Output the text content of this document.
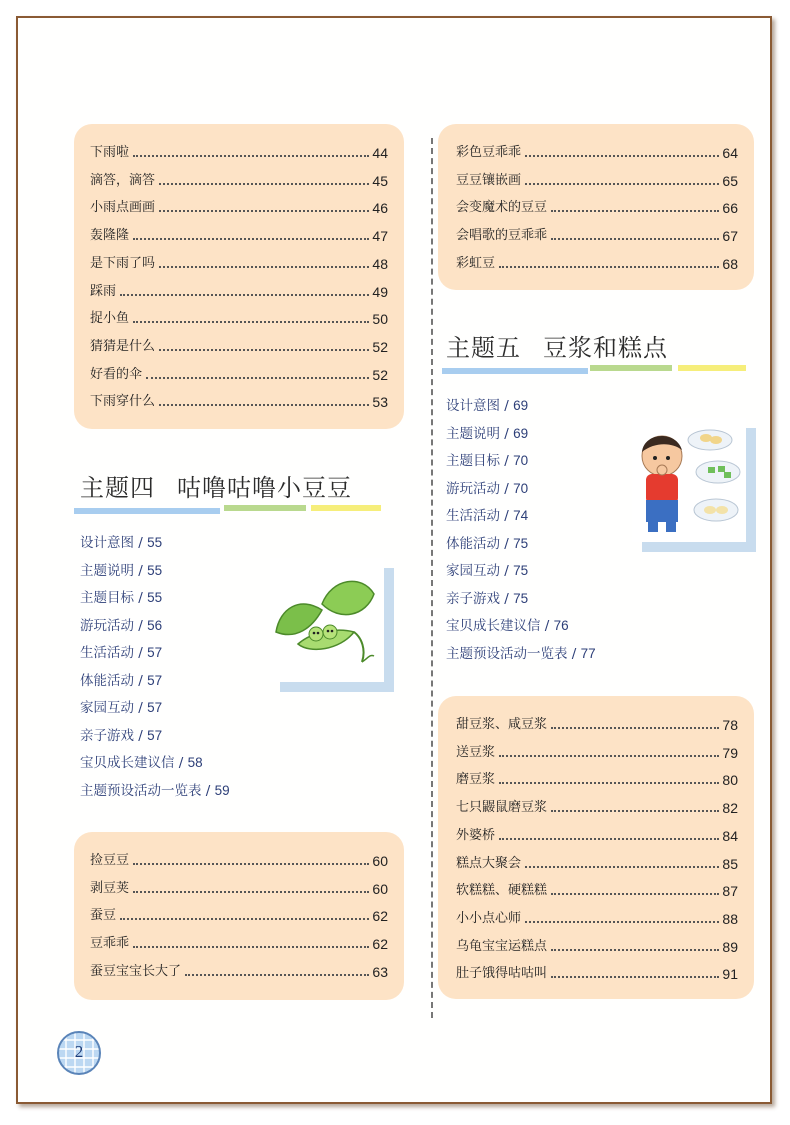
下雨啦	44
滴答，滴答	45
小雨点画画	46
轰隆隆	47
是下雨了吗	48
踩雨	49
捉小鱼	50
猜猜是什么	52
好看的伞	52
下雨穿什么	53
主题四 咕噜咕噜小豆豆
设计意图 / 55
主题说明 / 55
主题目标 / 55
游玩活动 / 56
生活活动 / 57
体能活动 / 57
家园互动 / 57
亲子游戏 / 57
宝贝成长建议信 / 58
主题预设活动一览表 / 59
捡豆豆	60
剥豆荚	60
蚕豆	62
豆乖乖	62
蚕豆宝宝长大了	63
彩色豆乖乖	64
豆豆镶嵌画	65
会变魔术的豆豆	66
会唱歌的豆乖乖	67
彩虹豆	68
主题五 豆浆和糕点
设计意图 / 69
主题说明 / 69
主题目标 / 70
游玩活动 / 70
生活活动 / 74
体能活动 / 75
家园互动 / 75
亲子游戏 / 75
宝贝成长建议信 / 76
主题预设活动一览表 / 77
甜豆浆、咸豆浆	78
送豆浆	79
磨豆浆	80
七只鼹鼠磨豆浆	82
外婆桥	84
糕点大聚会	85
软糕糕、硬糕糕	87
小小点心师	88
乌龟宝宝运糕点	89
肚子饿得咕咕叫	91
2
